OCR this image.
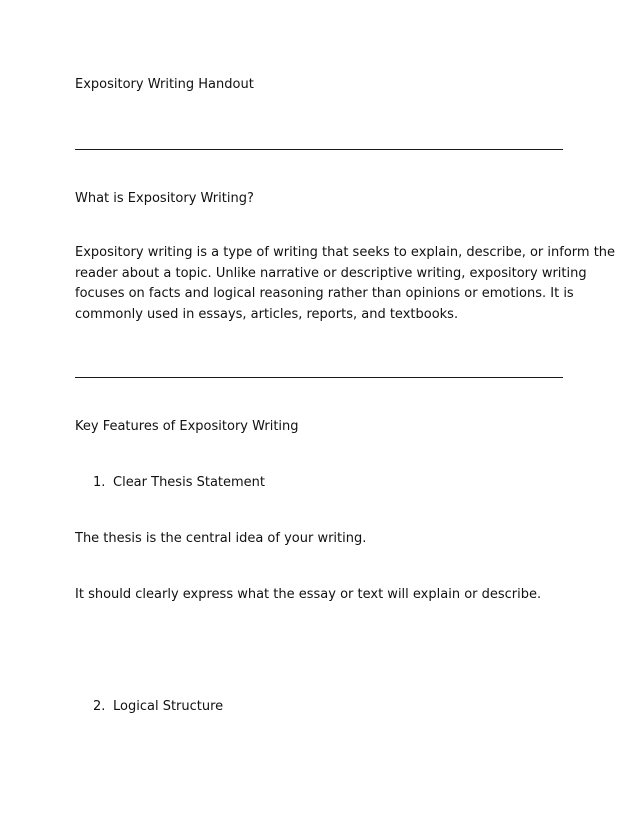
Expository Writing Handout
What is Expository Writing?

Expository writing is a type of writing that seeks to explain, describe, or inform the
reader about a topic. Unlike narrative or descriptive writing, expository writing
focuses on facts and logical reasoning rather than opinions or emotions. It is
commonly used in essays, articles, reports, and textbooks.

Key Features of Expository Writing

1. Clear Thesis Statement

The thesis is the central idea of your writing.

It should clearly express what the essay or text will explain or describe.

2. Logical Structure
